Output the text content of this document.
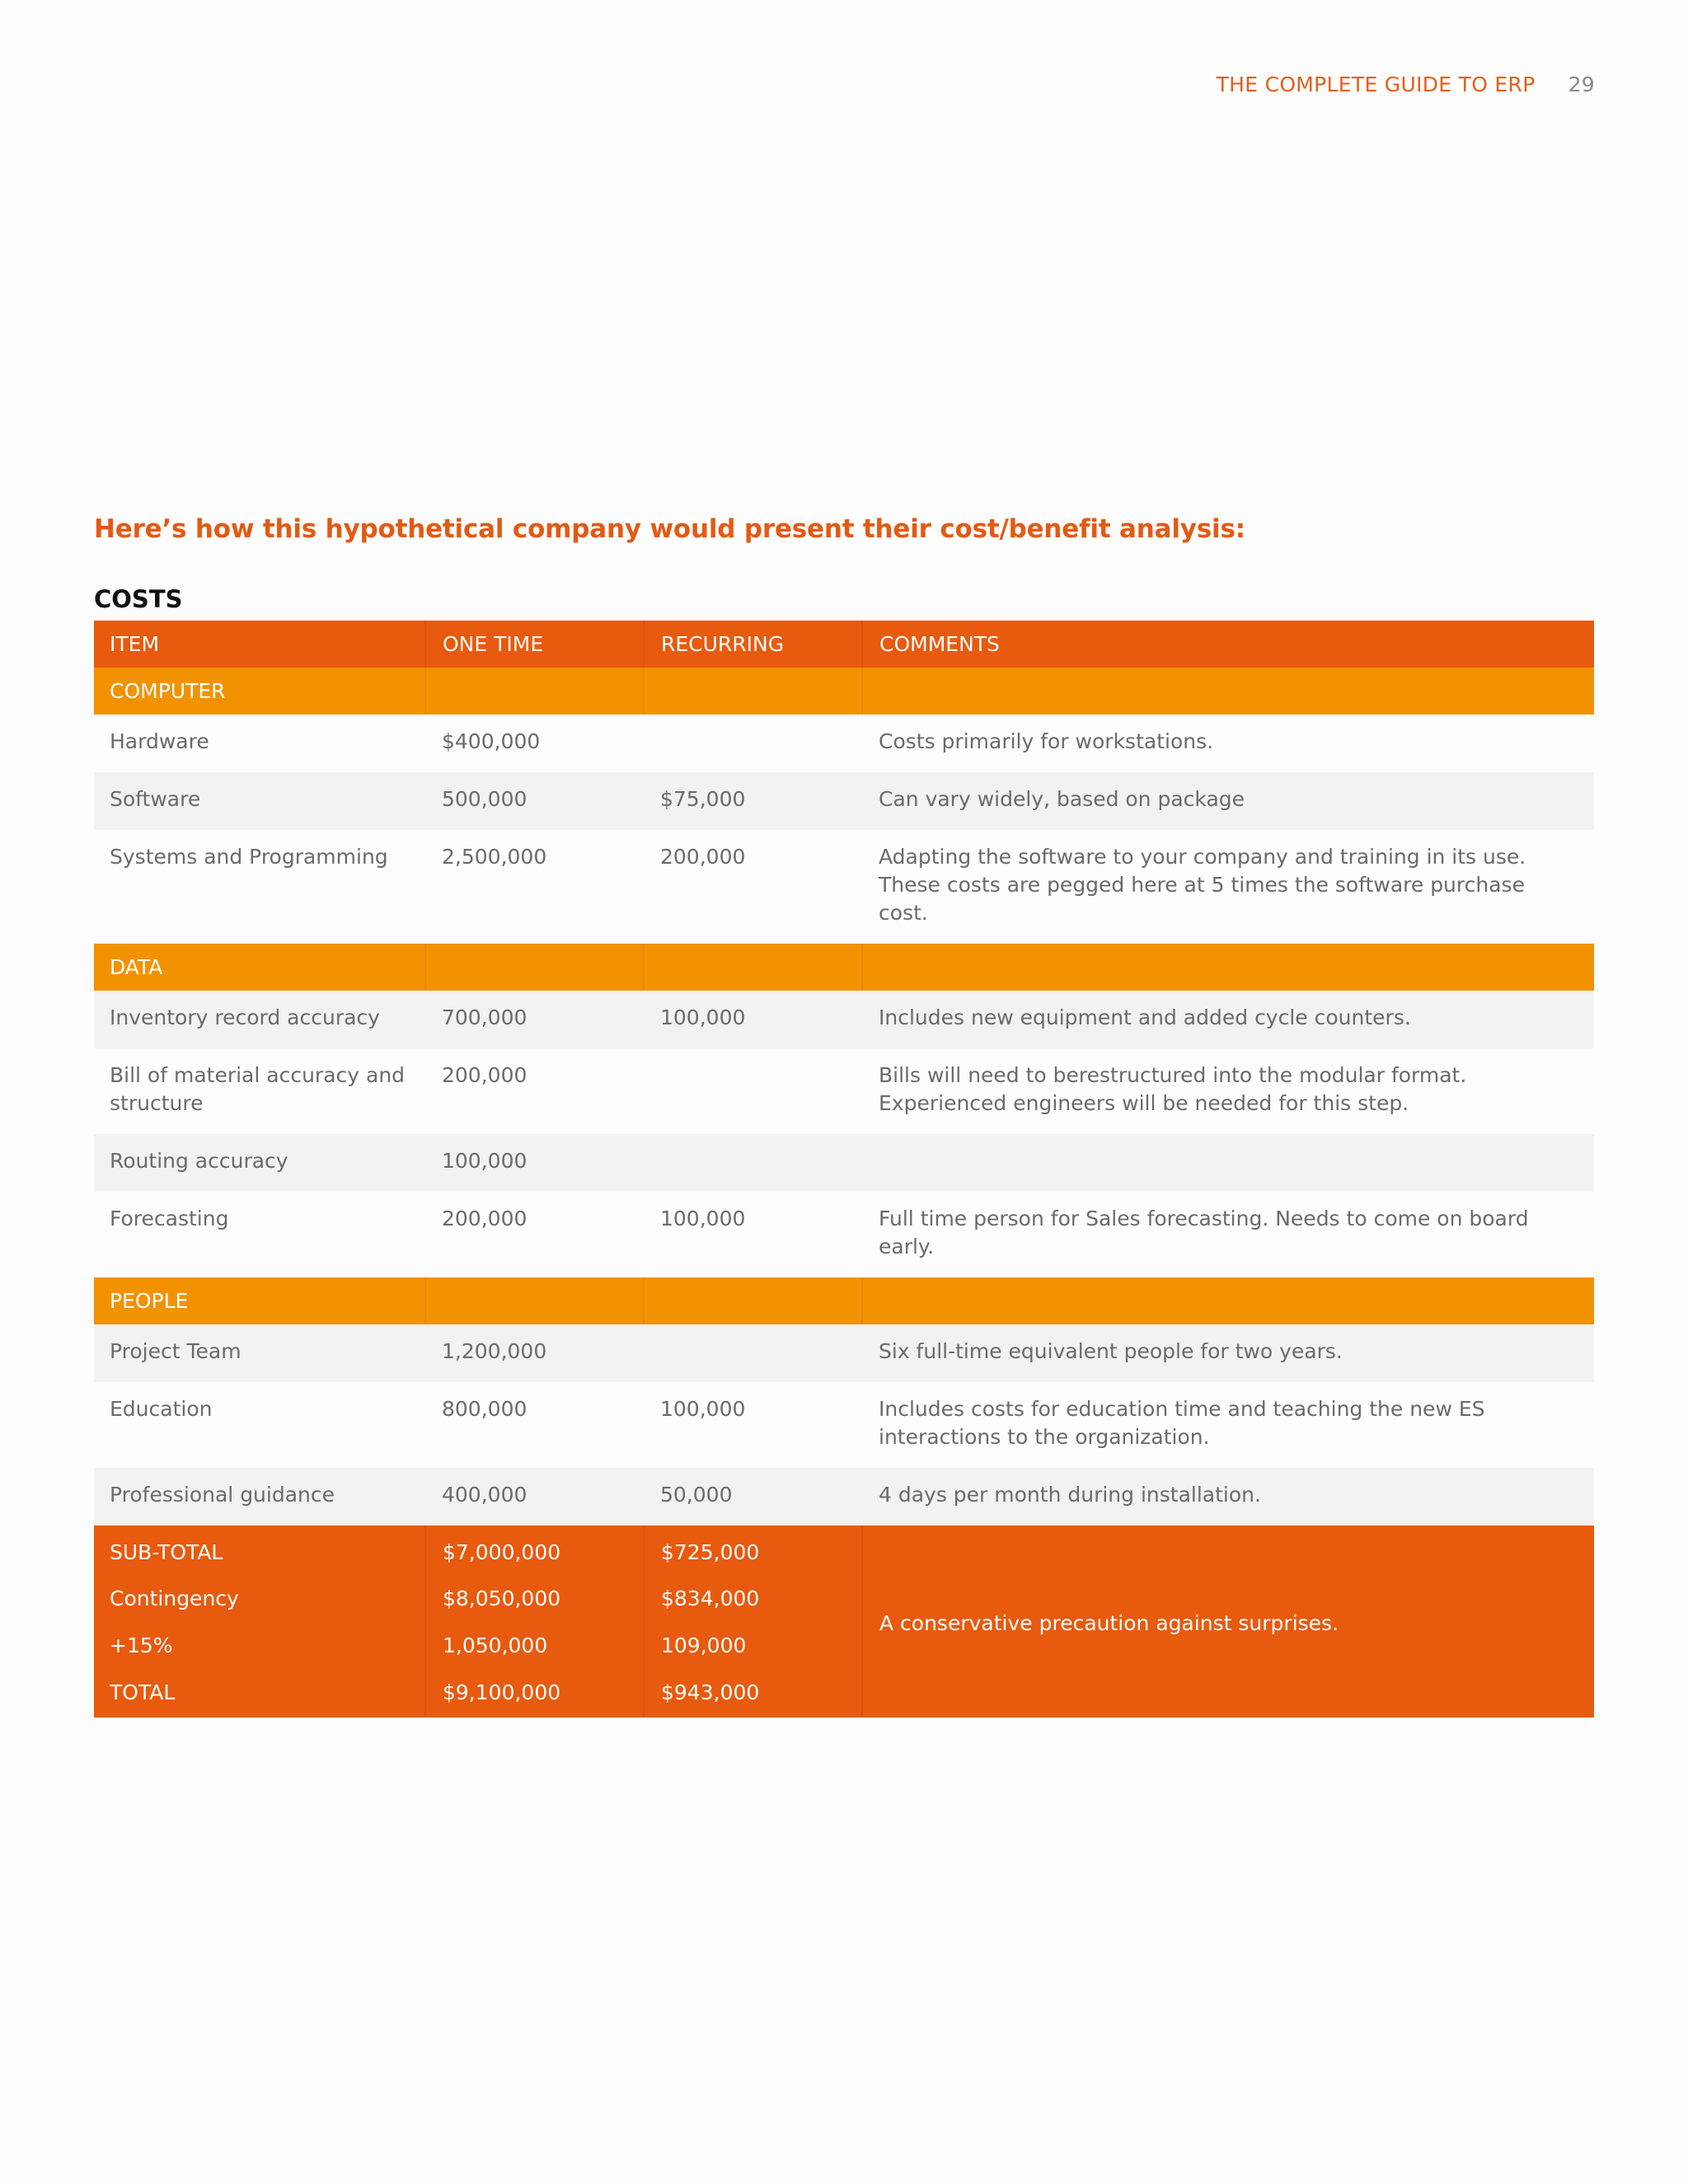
THE COMPLETE GUIDE TO ERP 29
Here’s how this hypothetical company would present their cost/benefit analysis:
COSTS
ITEM	ONE TIME	RECURRING	COMMENTS
COMPUTER			
Hardware	$400,000		Costs primarily for workstations.
Software	500,000	$75,000	Can vary widely, based on package
Systems and Programming	2,500,000	200,000	Adapting the software to your company and training in its use. These costs are pegged here at 5 times the software purchase cost.
DATA			
Inventory record accuracy	700,000	100,000	Includes new equipment and added cycle counters.
Bill of material accuracy and structure	200,000		Bills will need to berestructured into the modular format. Experienced engineers will be needed for this step.
Routing accuracy	100,000		
Forecasting	200,000	100,000	Full time person for Sales forecasting. Needs to come on board early.
PEOPLE			
Project Team	1,200,000		Six full-time equivalent people for two years.
Education	800,000	100,000	Includes costs for education time and teaching the new ES interactions to the organization.
Professional guidance	400,000	50,000	4 days per month during installation.
SUB-TOTAL	$7,000,000	$725,000	A conservative precaution against surprises.
Contingency	$8,050,000	$834,000	
+15%	1,050,000	109,000	
TOTAL	$9,100,000	$943,000	
